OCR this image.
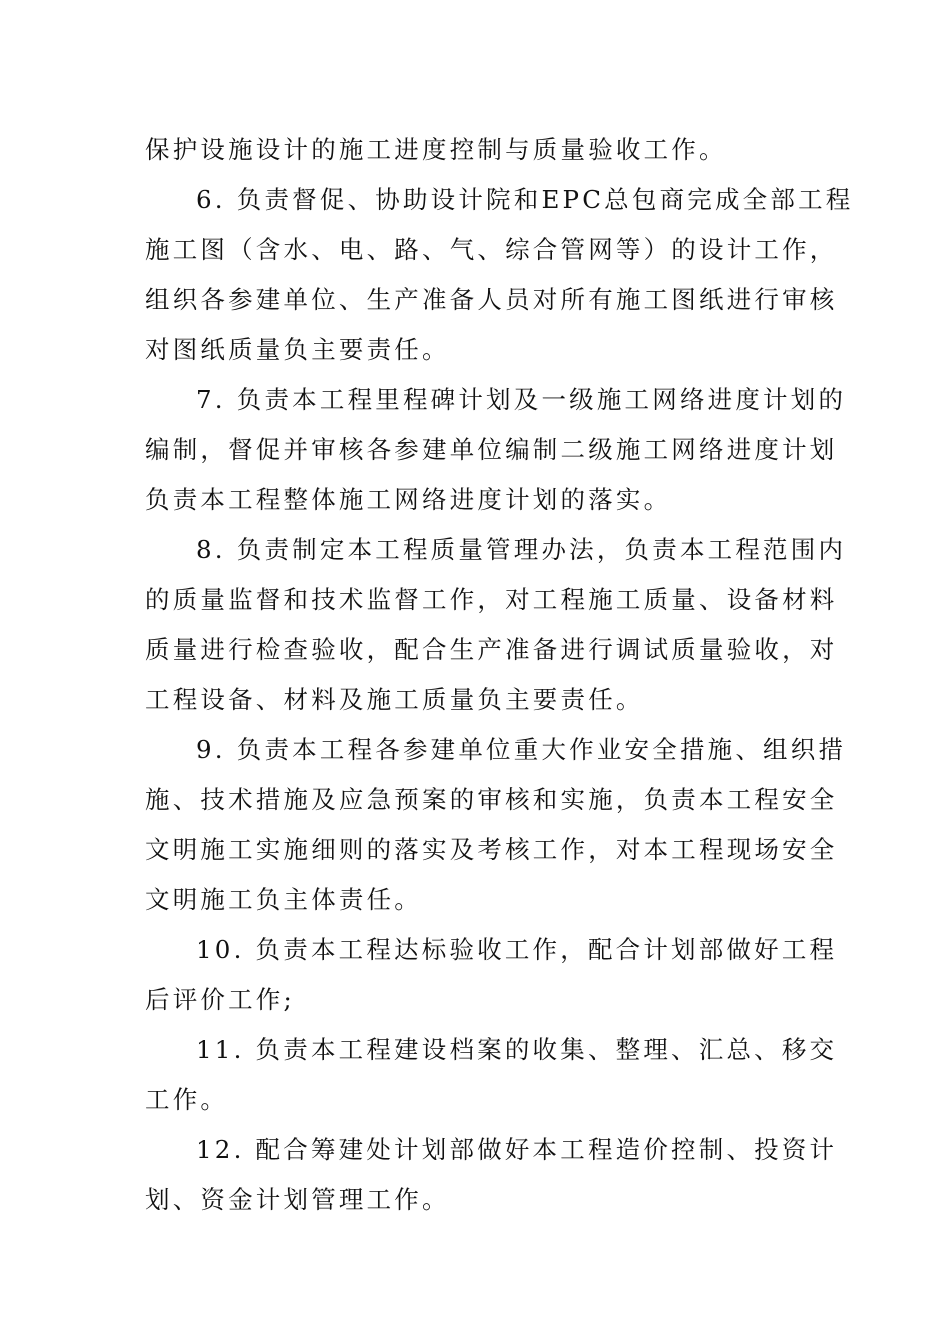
保护设施设计的施工进度控制与质量验收工作。
6. 负责督促、协助设计院和EPC总包商完成全部工程
施工图（含水、电、路、气、综合管网等）的设计工作，
组织各参建单位、生产准备人员对所有施工图纸进行审核
对图纸质量负主要责任。
7. 负责本工程里程碑计划及一级施工网络进度计划的
编制，督促并审核各参建单位编制二级施工网络进度计划
负责本工程整体施工网络进度计划的落实。
8. 负责制定本工程质量管理办法，负责本工程范围内
的质量监督和技术监督工作，对工程施工质量、设备材料
质量进行检查验收，配合生产准备进行调试质量验收，对
工程设备、材料及施工质量负主要责任。
9. 负责本工程各参建单位重大作业安全措施、组织措
施、技术措施及应急预案的审核和实施，负责本工程安全
文明施工实施细则的落实及考核工作，对本工程现场安全
文明施工负主体责任。
10. 负责本工程达标验收工作，配合计划部做好工程
后评价工作;
11. 负责本工程建设档案的收集、整理、汇总、移交
工作。
12. 配合筹建处计划部做好本工程造价控制、投资计
划、资金计划管理工作。
